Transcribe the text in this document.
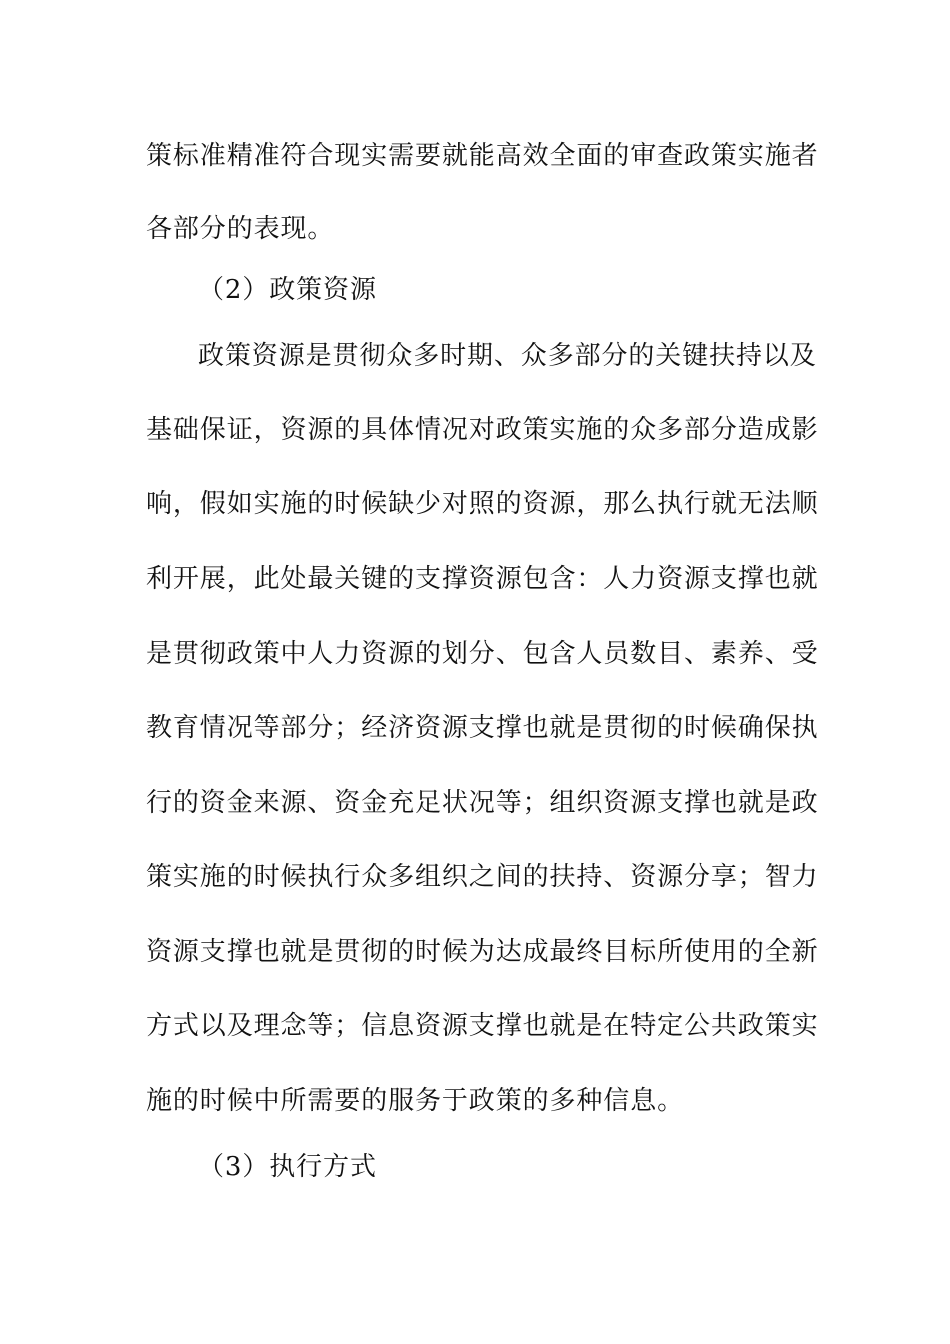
策标准精准符合现实需要就能高效全面的审查政策实施者
各部分的表现。
（2）政策资源
政策资源是贯彻众多时期、众多部分的关键扶持以及
基础保证，资源的具体情况对政策实施的众多部分造成影
响，假如实施的时候缺少对照的资源，那么执行就无法顺
利开展，此处最关键的支撑资源包含：人力资源支撑也就
是贯彻政策中人力资源的划分、包含人员数目、素养、受
教育情况等部分；经济资源支撑也就是贯彻的时候确保执
行的资金来源、资金充足状况等；组织资源支撑也就是政
策实施的时候执行众多组织之间的扶持、资源分享；智力
资源支撑也就是贯彻的时候为达成最终目标所使用的全新
方式以及理念等；信息资源支撑也就是在特定公共政策实
施的时候中所需要的服务于政策的多种信息。
（3）执行方式
